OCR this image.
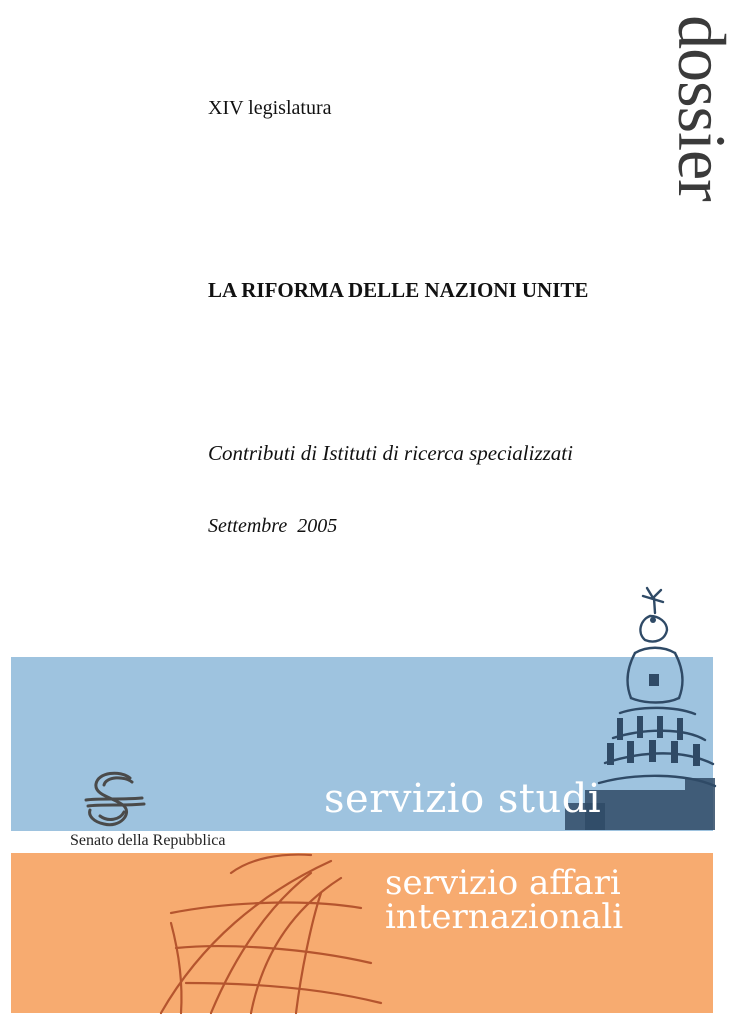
XIV legislatura	dossier
LA RIFORMA DELLE NAZIONI UNITE
Contributi di Istituti di ricerca specializzati
Settembre  2005
servizio studi
servizio affari
internazionali
Senato della Repubblica
